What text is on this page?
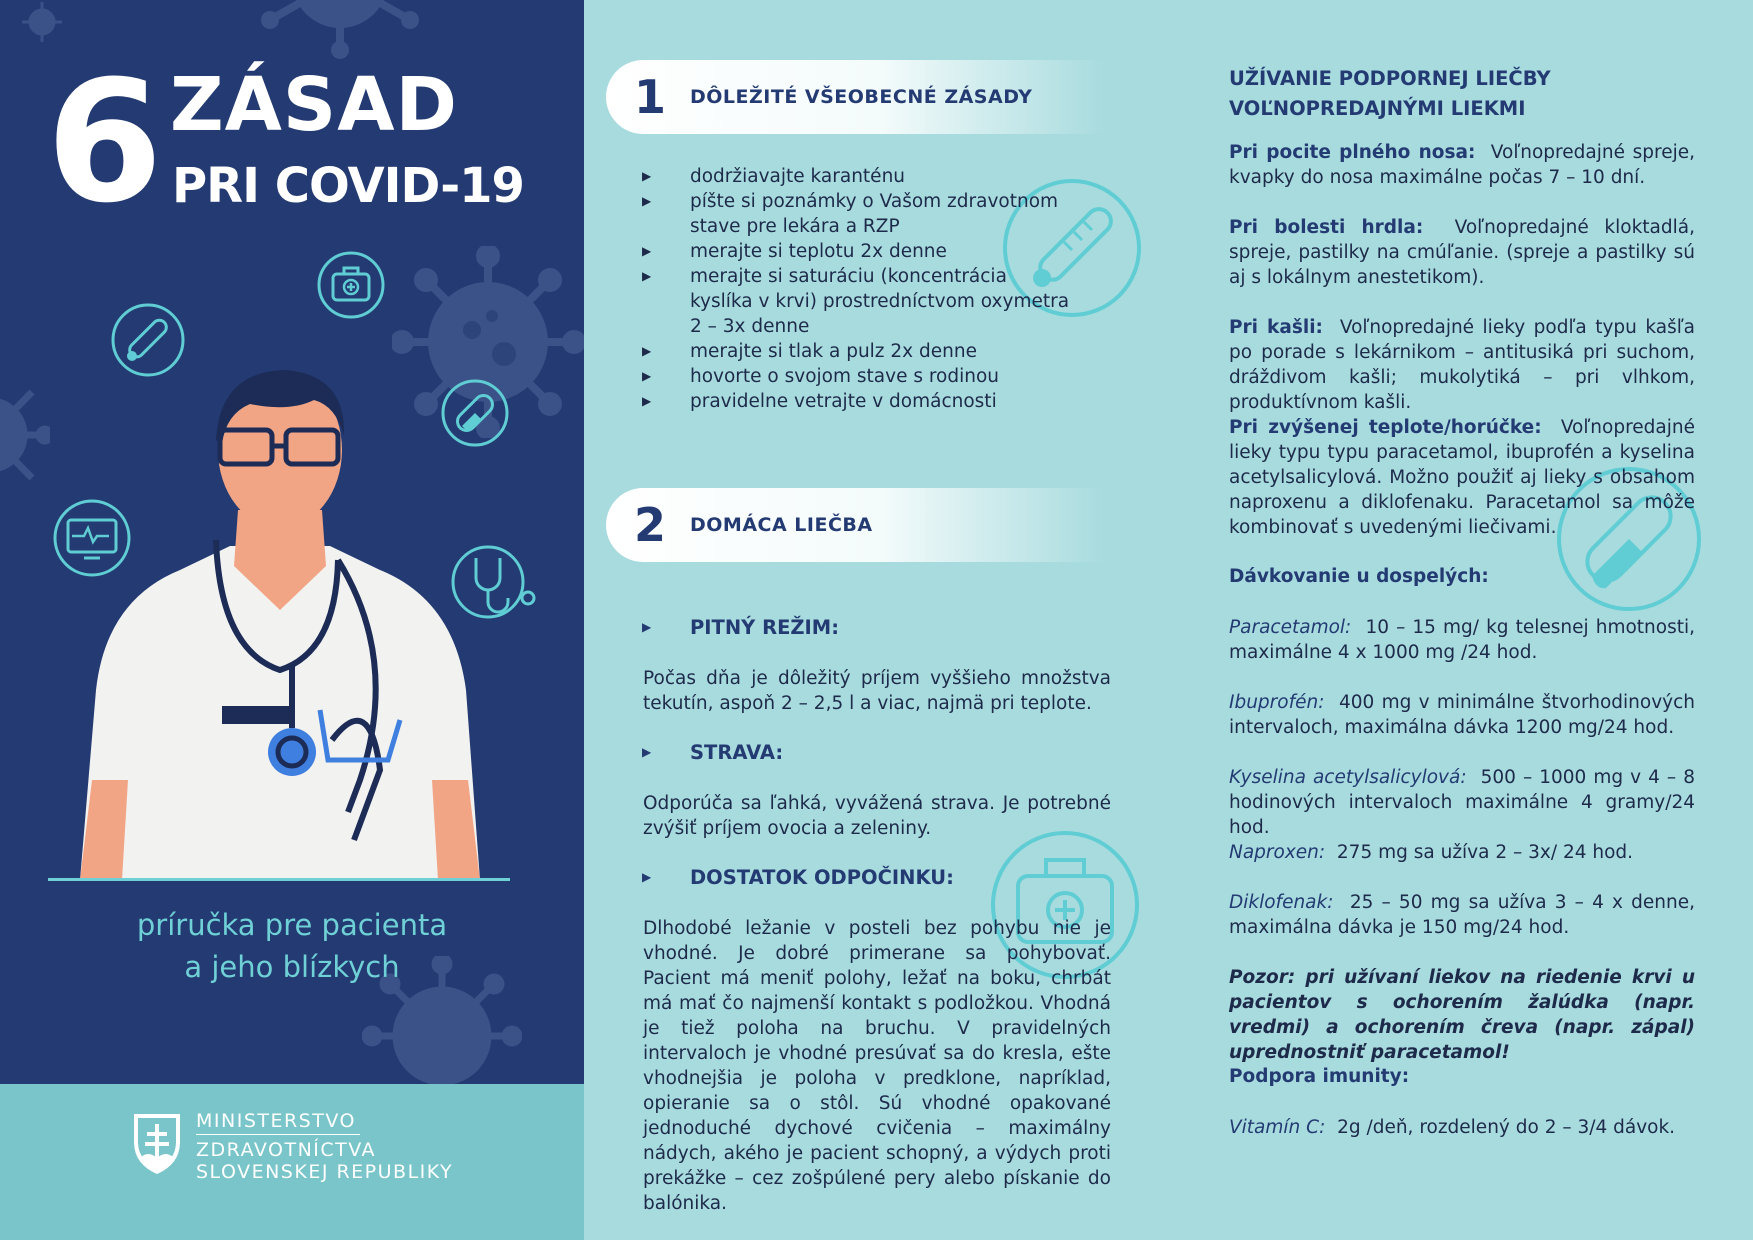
6 ZÁSAD
PRI COVID-19
príručka pre pacienta
a jeho blízkych
MINISTERSTVO
ZDRAVOTNÍCTVA
SLOVENSKEJ REPUBLIKY
1 DÔLEŽITÉ VŠEOBECNÉ ZÁSADY
▶ dodržiavajte karanténu
▶ píšte si poznámky o Vašom zdravotnom stave pre lekára a RZP
▶ merajte si teplotu 2x denne
▶ merajte si saturáciu (koncentrácia kyslíka v krvi) prostredníctvom oxymetra 2 – 3x denne
▶ merajte si tlak a pulz 2x denne
▶ hovorte o svojom stave s rodinou
▶ pravidelne vetrajte v domácnosti
2 DOMÁCA LIEČBA
▶ PITNÝ REŽIM:
Počas dňa je dôležitý príjem vyššieho množstva tekutín, aspoň 2 – 2,5 l a viac, najmä pri teplote.
▶ STRAVA:
Odporúča sa ľahká, vyvážená strava. Je potrebné zvýšiť príjem ovocia a zeleniny.
▶ DOSTATOK ODPOČINKU:
Dlhodobé ležanie v posteli bez pohybu nie je vhodné. Je dobré primerane sa pohybovať. Pacient má meniť polohy, ležať na boku, chrbát má mať čo najmenší kontakt s podložkou. Vhodná je tiež poloha na bruchu. V pravidelných intervaloch je vhodné presúvať sa do kresla, ešte vhodnejšia je poloha v predklone, napríklad, opieranie sa o stôl. Sú vhodné opakované jednoduché dychové cvičenia – maximálny nádych, akého je pacient schopný, a výdych proti prekážke – cez zošpúlené pery alebo pískanie do balónika.
UŽÍVANIE PODPORNEJ LIEČBY
VOĽNOPREDAJNÝMI LIEKMI
Pri pocite plného nosa: Voľnopredajné spreje, kvapky do nosa maximálne počas 7 – 10 dní.
Pri bolesti hrdla: Voľnopredajné kloktadlá, spreje, pastilky na cmúľanie. (spreje a pastilky sú aj s lokálnym anestetikom).
Pri kašli: Voľnopredajné lieky podľa typu kašľa po porade s lekárnikom – antitusiká pri suchom, dráždivom kašli; mukolytiká – pri vlhkom, produktívnom kašli.
Pri zvýšenej teplote/horúčke: Voľnopredajné lieky typu typu paracetamol, ibuprofén a kyselina acetylsalicylová. Možno použiť aj lieky s obsahom naproxenu a diklofenaku. Paracetamol sa môže kombinovať s uvedenými liečivami.
Dávkovanie u dospelých:
Paracetamol: 10 – 15 mg/ kg telesnej hmotnosti, maximálne 4 x 1000 mg /24 hod.
Ibuprofén: 400 mg v minimálne štvorhodinových intervaloch, maximálna dávka 1200 mg/24 hod.
Kyselina acetylsalicylová: 500 – 1000 mg v 4 – 8 hodinových intervaloch maximálne 4 gramy/24 hod.
Naproxen: 275 mg sa užíva 2 – 3x/ 24 hod.
Diklofenak: 25 – 50 mg sa užíva 3 – 4 x denne, maximálna dávka je 150 mg/24 hod.
Pozor: pri užívaní liekov na riedenie krvi u pacientov s ochorením žalúdka (napr. vredmi) a ochorením čreva (napr. zápal) uprednostniť paracetamol!
Podpora imunity:
Vitamín C: 2g /deň, rozdelený do 2 – 3/4 dávok.
